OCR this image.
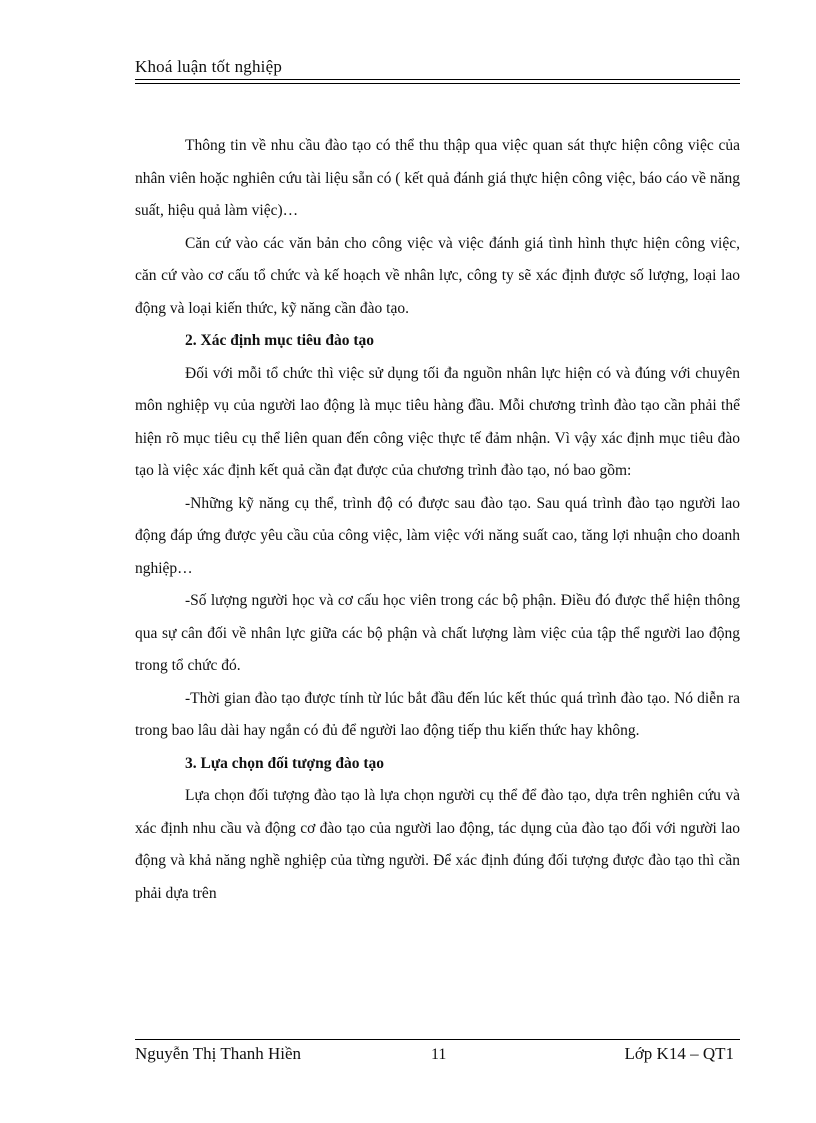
Khoá luận tốt nghiệp

Thông tin về nhu cầu đào tạo có thể thu thập qua việc quan sát thực hiện công việc của nhân viên hoặc nghiên cứu tài liệu sẵn có ( kết quả đánh giá thực hiện công việc, báo cáo về năng suất, hiệu quả làm việc)…

Căn cứ vào các văn bản cho công việc và việc đánh giá tình hình thực hiện công việc, căn cứ vào cơ cấu tổ chức và kế hoạch về nhân lực, công ty sẽ xác định được số lượng, loại lao động và loại kiến thức, kỹ năng cần đào tạo.

2. Xác định mục tiêu đào tạo

Đối với mỗi tổ chức thì việc sử dụng tối đa nguồn nhân lực hiện có và đúng với chuyên môn nghiệp vụ của người lao động là mục tiêu hàng đầu. Mỗi chương trình đào tạo cần phải thể hiện rõ mục tiêu cụ thể liên quan đến công việc thực tế đảm nhận. Vì vậy xác định mục tiêu đào tạo là việc xác định kết quả cần đạt được của chương trình đào tạo, nó bao gồm:

-Những kỹ năng cụ thể, trình độ có được sau đào tạo. Sau quá trình đào tạo người lao động đáp ứng được yêu cầu của công việc, làm việc với năng suất cao, tăng lợi nhuận cho doanh nghiệp…

-Số lượng người học và cơ cấu học viên trong các bộ phận. Điều đó được thể hiện thông qua sự cân đối về nhân lực giữa các bộ phận và chất lượng làm việc của tập thể người lao động trong tổ chức đó.

-Thời gian đào tạo được tính từ lúc bắt đầu đến lúc kết thúc quá trình đào tạo. Nó diễn ra trong bao lâu dài hay ngắn có đủ để người lao động tiếp thu kiến thức hay không.

3. Lựa chọn đối tượng đào tạo

Lựa chọn đối tượng đào tạo là lựa chọn người cụ thể để đào tạo, dựa trên nghiên cứu và xác định nhu cầu và động cơ đào tạo của người lao động, tác dụng của đào tạo đối với người lao động và khả năng nghề nghiệp của từng người. Để xác định đúng đối tượng được đào tạo thì cần phải dựa trên

Nguyễn Thị Thanh Hiền	11	Lớp K14 – QT1
